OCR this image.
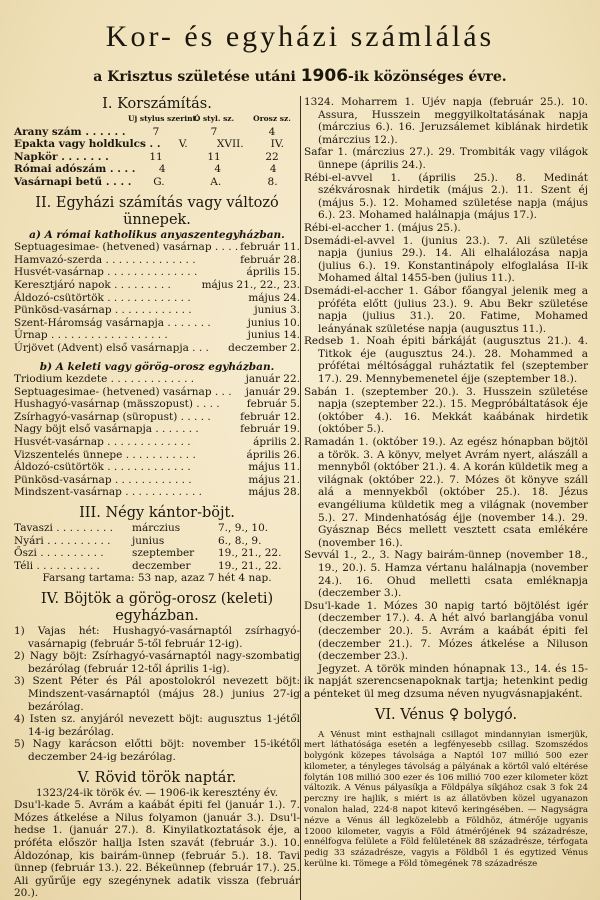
Kor- és egyházi számlálás
a Krisztus születése utáni 1906-ik közönséges évre.
I. Korszámítás.
Uj stylus szerint.
Ó styl. sz.	Orosz sz.
Arany szám . . . . . .	7	7	4
Epakta vagy holdkulcs . .	V.	XVII.	IV.
Napkör . . . . . . .	11	11	22
Római adószám . . . .	4	4	4
Vasárnapi betű . . . .	G.	A.	8.
II. Egyházi számítás vagy változó ünnepek.
a) A római katholikus anyaszentegyházban.
Septuagesimae- (hetvened) vasárnap . . . . február 11.
Hamvazó-szerda . . . . . . . . . . . . . .	február 28.
Husvét-vasárnap . . . . . . . . . . . . . .	április 15.
Keresztjáró napok . . . . . . . . .	május 21., 22., 23.
Áldozó-csütörtök . . . . . . . . . . . . .	május 24.
Pünkösd-vasárnap . . . . . . . . . . . .	junius 3.
Szent-Háromság vasárnapja . . . . . . .	junius 10.
Úrnap . . . . . . . . . . . . . . . . . .	junius 14.
Úrjövet (Advent) első vasárnapja . . .	deczember 2.
b) A keleti vagy görög-orosz egyházban.
Triodium kezdete . . . . . . . . . . . . .	január 22.
Septuagesimae- (hetvened) vasárnap . . .	január 29.
Hushagyó-vasárnap (mässzopust) . . . .	február 5.
Zsírhagyó-vasárnap (süropust) . . . . .	február 12.
Nagy böjt első vasárnapja . . . . . . .	február 19.
Husvét-vasárnap . . . . . . . . . . . . .	április 2.
Vizszentelés ünnepe . . . . . . . . . . .	április 26.
Áldozó-csütörtök . . . . . . . . . . . . .	május 11.
Pünkösd-vasárnap . . . . . . . . . . . .	május 21.
Mindszent-vasárnap . . . . . . . . . . . .	május 28.
III. Négy kántor-böjt.
Tavaszi . . . . . . . . .	márczius	7., 9., 10.
Nyári . . . . . . . . . .	junius	6., 8., 9.
Őszi . . . . . . . . . .	szeptember	19., 21., 22.
Téli . . . . . . . . . .	deczember	19., 21., 22.

Farsang tartama: 53 nap, azaz 7 hét 4 nap.

IV. Böjtök a görög-orosz (keleti) egyházban.

1) Vajas hét: Hushagyó-vasárnaptól zsírhagyó-vasárnapig (február 5-től február 12-ig).

2) Nagy böjt: Zsírhagyó-vasárnaptól nagy-szombatig bezárólag (február 12-től április 1-ig).

3) Szent Péter és Pál apostolokról nevezett böjt: Mindszent-vasárnaptól (május 28.) junius 27-ig bezárólag.

4) Isten sz. anyjáról nevezett böjt: augusztus 1-jétől 14-ig bezárólag.

5) Nagy karácson előtti böjt: november 15-ikétől deczember 24-ig bezárólag.

V. Rövid török naptár.

1323/24-ik török év. — 1906-ik keresztény év.

Dsu'l-kade 5. Avrám a kaábát épiti fel (január 1.). 7. Mózes átkelése a Nilus folyamon (január 3.). Dsu'l-hedse 1. (január 27.). 8. Kinyilatkoztatások éje, a próféta először hallja Isten szavát (február 3.). 10. Áldozónap, kis bairám-ünnep (február 5.). 18. Tavi ünnep (február 13.). 22. Békeünnep (február 17.). 25. Ali gyűrűje egy szegénynek adatik vissza (február 20.).

1324. Moharrem 1. Ujév napja (február 25.). 10. Assura, Husszein meggyilkoltatásának napja (márczius 6.). 16. Jeruzsálemet kiblának hirdetik (márczius 12.).

Safar 1. (márczius 27.). 29. Trombiták vagy világok ünnepe (április 24.).

Rébi-el-avvel 1. (április 25.). 8. Medinát székvárosnak hirdetik (május 2.). 11. Szent éj (május 5.). 12. Mohamed születése napja (május 6.). 23. Mohamed halálnapja (május 17.).

Rébi-el-accher 1. (május 25.).

Dsemádi-el-avvel 1. (junius 23.). 7. Ali születése napja (junius 29.). 14. Ali elhalálozása napja (julius 6.). 19. Konstantinápoly elfoglalása II-ik Mohamed által 1455-ben (julius 11.).

Dsemádi-el-accher 1. Gábor főangyal jelenik meg a próféta előtt (julius 23.). 9. Abu Bekr születése napja (julius 31.). 20. Fatime, Mohamed leányának születése napja (augusztus 11.).

Redseb 1. Noah épiti bárkáját (augusztus 21.). 4. Titkok éje (augusztus 24.). 28. Mohammed a prófétai méltósággal ruháztatik fel (szeptember 17.). 29. Mennybemenetel éjje (szeptember 18.).

Sabán 1. (szeptember 20.). 3. Husszein születése napja (szeptember 22.). 15. Megpróbáltatások éje (október 4.). 16. Mekkát kaábának hirdetik (október 5.).

Ramadán 1. (október 19.). Az egész hónapban böjtöl a török. 3. A könyv, melyet Avrám nyert, alászáll a mennyből (október 21.). 4. A korán küldetik meg a világnak (október 22.). 7. Mózes öt könyve száll alá a mennyekből (október 25.). 18. Jézus evangéliuma küldetik meg a világnak (november 5.). 27. Mindenhatóság éjje (november 14.). 29. Gyásznap Bécs mellett vesztett csata emlékére (november 16.).

Sevvál 1., 2., 3. Nagy bairám-ünnep (november 18., 19., 20.). 5. Hamza vértanu halálnapja (november 24.). 16. Ohud melletti csata emléknapja (deczember 3.).

Dsu'l-kade 1. Mózes 30 napig tartó böjtölést igér (deczember 17.). 4. A hét alvó barlangjába vonul (deczember 20.). 5. Avrám a kaábát épiti fel (deczember 21.). 7. Mózes átkelése a Niluson (deczember 23.).

Jegyzet. A török minden hónapnak 13., 14. és 15-ik napját szerencsenapoknak tartja; hetenkint pedig a pénteket ül meg dzsuma néven nyugvásnapjaként.

VI. Vénus ♀ bolygó.

A Vénust mint esthajnali csillagot mindannyian ismerjük, mert láthatósága esetén a legfényesebb csillag. Szomszédos bolygónk közepes távolsága a Naptól 107 millió 500 ezer kilometer, a tényleges távolság a pályának a körtől való eltérése folytán 108 millió 300 ezer és 106 millió 700 ezer kilometer közt változik. A Vénus pályasíkja a Földpálya síkjához csak 3 fok 24 perczny ire hajlik, s miért is az állatövben közel ugyanazon vonalon halad, 224·8 napot kitevő keringésében. — Nagyságra nézve a Vénus áll legközelebb a Földhöz, átmérője ugyanis 12000 kilometer, vagyis a Föld átmérőjének 94 századrésze, ennélfogva felülete a Föld felületének 88 századrésze, térfogata pedig 33 századrésze, vagyis a Földből 1 és egytized Vénus kerülne ki. Tömege a Föld tömegének 78 századrésze
